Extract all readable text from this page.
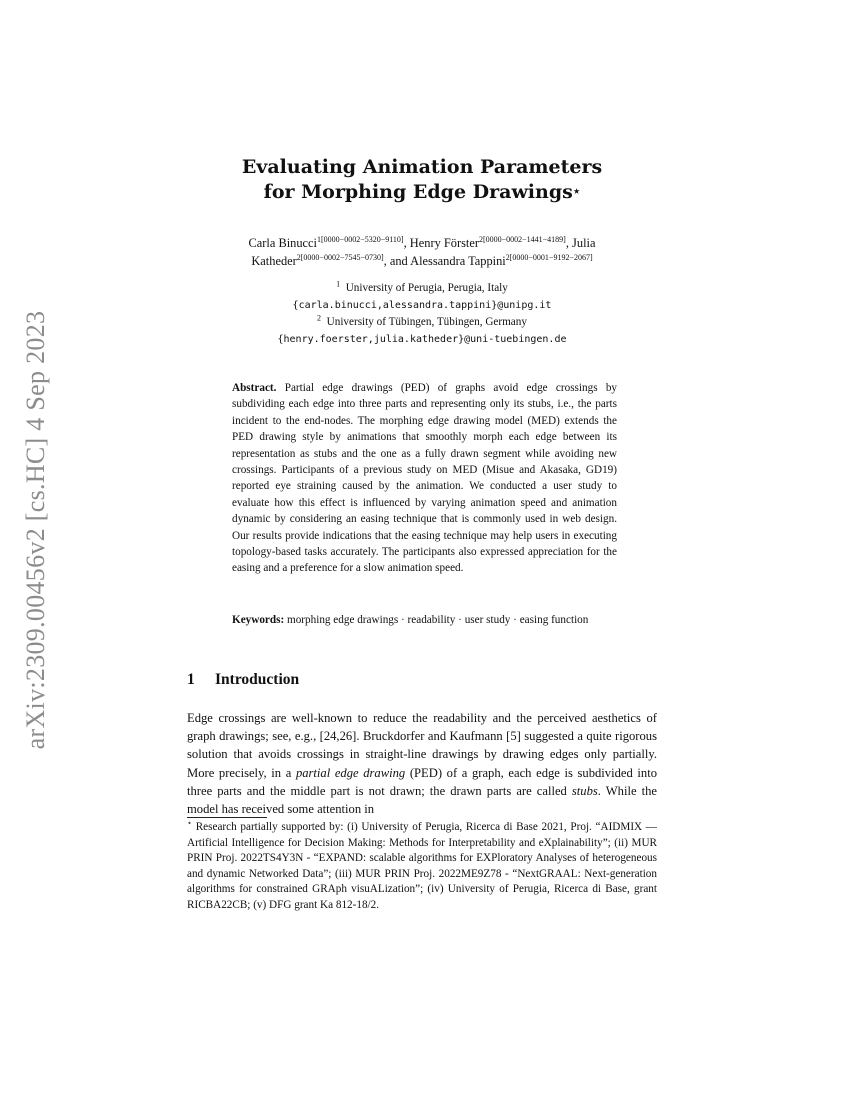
arXiv:2309.00456v2 [cs.HC] 4 Sep 2023
Evaluating Animation Parameters
for Morphing Edge Drawings⋆
Carla Binucci$^{1[0000-0002-5320-9110]}$, Henry Förster$^{2[0000-0002-1441-4189]}$, Julia Katheder$^{2[0000-0002-7545-0730]}$, and Alessandra Tappini$^{2[0000-0001-9192-2067]}$
$^1$ University of Perugia, Perugia, Italy
{carla.binucci,alessandra.tappini}@unipg.it
$^2$ University of Tübingen, Tübingen, Germany
{henry.foerster,julia.katheder}@uni-tuebingen.de
Abstract. Partial edge drawings (PED) of graphs avoid edge crossings by subdividing each edge into three parts and representing only its stubs, i.e., the parts incident to the end-nodes. The morphing edge drawing model (MED) extends the PED drawing style by animations that smoothly morph each edge between its representation as stubs and the one as a fully drawn segment while avoiding new crossings. Participants of a previous study on MED (Misue and Akasaka, GD19) reported eye straining caused by the animation. We conducted a user study to evaluate how this effect is influenced by varying animation speed and animation dynamic by considering an easing technique that is commonly used in web design. Our results provide indications that the easing technique may help users in executing topology-based tasks accurately. The participants also expressed appreciation for the easing and a preference for a slow animation speed.
Keywords: morphing edge drawings · readability · user study · easing function
1 Introduction
Edge crossings are well-known to reduce the readability and the perceived aesthetics of graph drawings; see, e.g., [24,26]. Bruckdorfer and Kaufmann [5] suggested a quite rigorous solution that avoids crossings in straight-line drawings by drawing edges only partially. More precisely, in a partial edge drawing (PED) of a graph, each edge is subdivided into three parts and the middle part is not drawn; the drawn parts are called stubs. While the model has received some attention in
⋆ Research partially supported by: (i) University of Perugia, Ricerca di Base 2021, Proj. “AIDMIX — Artificial Intelligence for Decision Making: Methods for Interpretability and eXplainability”; (ii) MUR PRIN Proj. 2022TS4Y3N - “EXPAND: scalable algorithms for EXPloratory Analyses of heterogeneous and dynamic Networked Data”; (iii) MUR PRIN Proj. 2022ME9Z78 - “NextGRAAL: Next-generation algorithms for constrained GRAph visuALization”; (iv) University of Perugia, Ricerca di Base, grant RICBA22CB; (v) DFG grant Ka 812-18/2.
